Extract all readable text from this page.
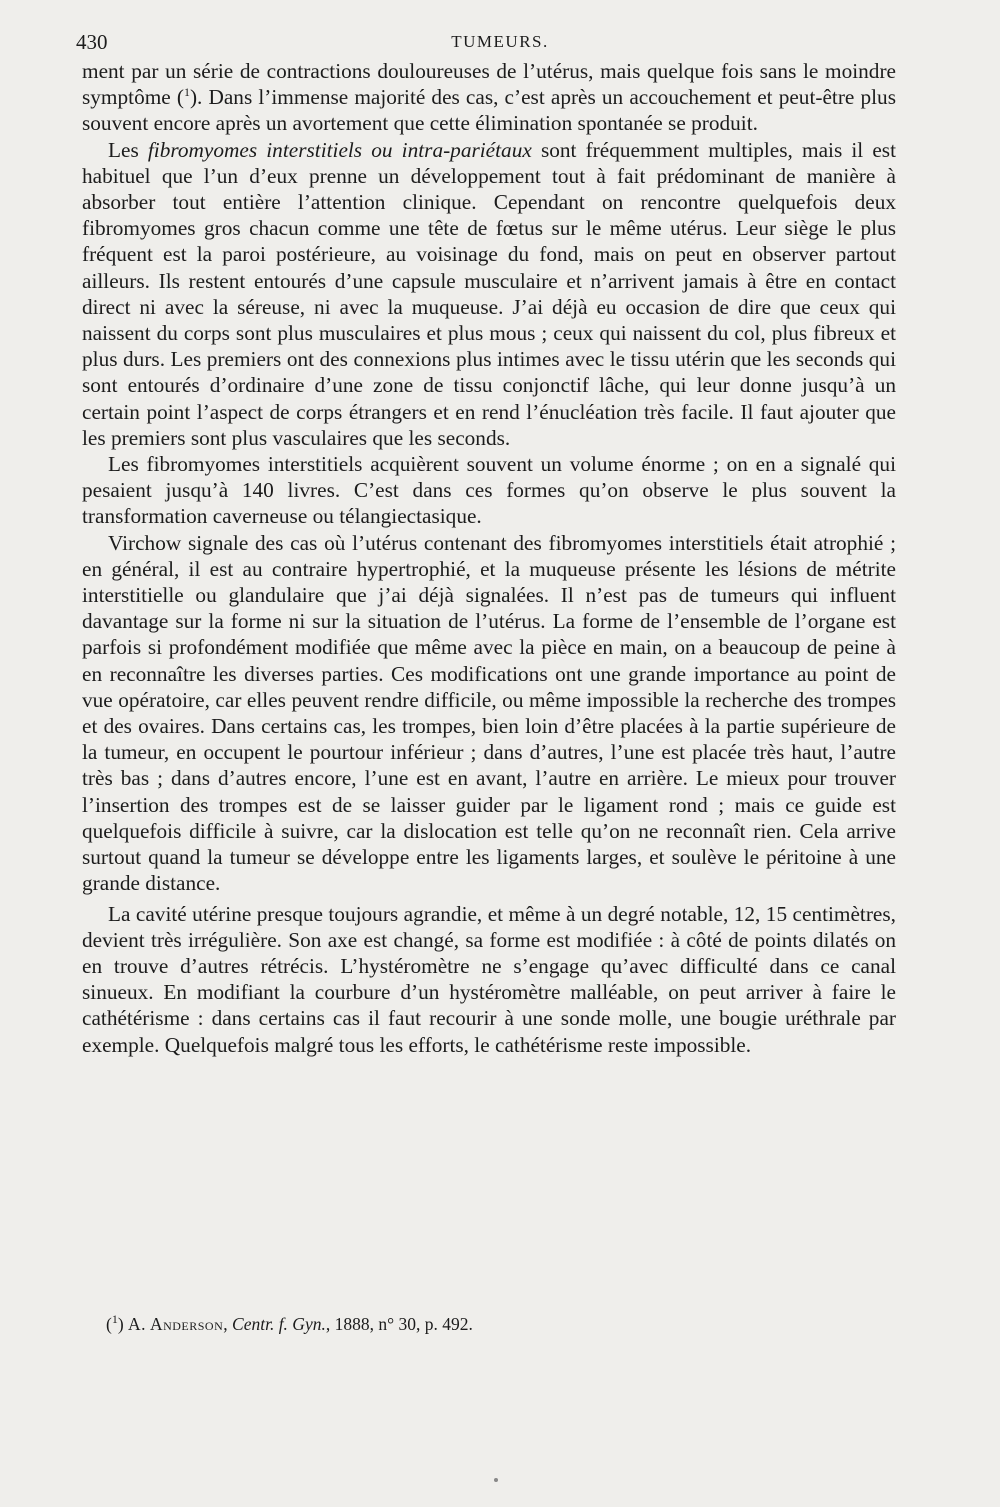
430	TUMEURS.

ment par un série de contractions douloureuses de l’utérus, mais quelque fois sans le moindre symptôme ($^1$). Dans l’immense majorité des cas, c’est après un accouchement et peut-être plus souvent encore après un avortement que cette élimination spontanée se produit.

Les fibromyomes interstitiels ou intra-pariétaux sont fréquemment multiples, mais il est habituel que l’un d’eux prenne un développement tout à fait prédominant de manière à absorber tout entière l’attention clinique. Cependant on rencontre quelquefois deux fibromyomes gros chacun comme une tête de fœtus sur le même utérus. Leur siège le plus fréquent est la paroi postérieure, au voisinage du fond, mais on peut en observer partout ailleurs. Ils restent entourés d’une capsule musculaire et n’arrivent jamais à être en contact direct ni avec la séreuse, ni avec la muqueuse. J’ai déjà eu occasion de dire que ceux qui naissent du corps sont plus musculaires et plus mous ; ceux qui naissent du col, plus fibreux et plus durs. Les premiers ont des connexions plus intimes avec le tissu utérin que les seconds qui sont entourés d’ordinaire d’une zone de tissu conjonctif lâche, qui leur donne jusqu’à un certain point l’aspect de corps étrangers et en rend l’énucléation très facile. Il faut ajouter que les premiers sont plus vasculaires que les seconds.

Les fibromyomes interstitiels acquièrent souvent un volume énorme ; on en a signalé qui pesaient jusqu’à 140 livres. C’est dans ces formes qu’on observe le plus souvent la transformation caverneuse ou télangiectasique.

Virchow signale des cas où l’utérus contenant des fibromyomes interstitiels était atrophié ; en général, il est au contraire hypertrophié, et la muqueuse présente les lésions de métrite interstitielle ou glandulaire que j’ai déjà signalées. Il n’est pas de tumeurs qui influent davantage sur la forme ni sur la situation de l’utérus. La forme de l’ensemble de l’organe est parfois si profondément modifiée que même avec la pièce en main, on a beaucoup de peine à en reconnaître les diverses parties. Ces modifications ont une grande importance au point de vue opératoire, car elles peuvent rendre difficile, ou même impossible la recherche des trompes et des ovaires. Dans certains cas, les trompes, bien loin d’être placées à la partie supérieure de la tumeur, en occupent le pourtour inférieur ; dans d’autres, l’une est placée très haut, l’autre très bas ; dans d’autres encore, l’une est en avant, l’autre en arrière. Le mieux pour trouver l’insertion des trompes est de se laisser guider par le ligament rond ; mais ce guide est quelquefois difficile à suivre, car la dislocation est telle qu’on ne reconnaît rien. Cela arrive surtout quand la tumeur se développe entre les ligaments larges, et soulève le péritoine à une grande distance.

La cavité utérine presque toujours agrandie, et même à un degré notable, 12, 15 centimètres, devient très irrégulière. Son axe est changé, sa forme est modifiée : à côté de points dilatés on en trouve d’autres rétrécis. L’hystéromètre ne s’engage qu’avec difficulté dans ce canal sinueux. En modifiant la courbure d’un hystéromètre malléable, on peut arriver à faire le cathétérisme : dans certains cas il faut recourir à une sonde molle, une bougie uréthrale par exemple. Quelquefois malgré tous les efforts, le cathétérisme reste impossible.

($^1$) A. Anderson, Centr. f. Gyn., 1888, n° 30, p. 492.
